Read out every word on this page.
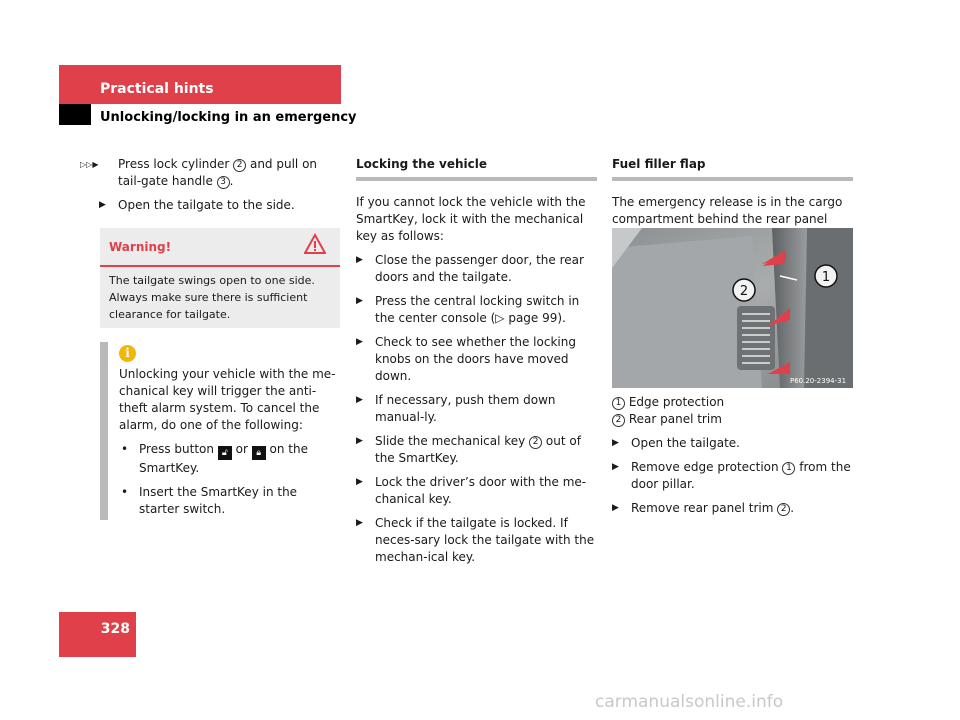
Practical hints
Unlocking/locking in an emergency

▷▷▶ Press lock cylinder 2 and pull on tail-gate handle 3 .

▶ Open the tailgate to the side.

Warning!
The tailgate swings open to one side. Always make sure there is sufficient clearance for tailgate.
i

Unlocking your vehicle with the me-chanical key will trigger the anti-theft alarm system. To cancel the alarm, do one of the following:

• Press button 🔓︎ or 🔒︎ on the SmartKey.

• Insert the SmartKey in the starter switch.

Locking the vehicle

If you cannot lock the vehicle with the SmartKey, lock it with the mechanical key as follows:

▶ Close the passenger door, the rear doors and the tailgate.

▶ Press the central locking switch in the center console (▷ page 99).

▶ Check to see whether the locking knobs on the doors have moved down.

▶ If necessary, push them down manual-ly.

▶ Slide the mechanical key 2 out of the SmartKey.

▶ Lock the driver’s door with the me-chanical key.

▶ Check if the tailgate is locked. If neces-sary lock the tailgate with the mechan-ical key.

Fuel filler flap

The emergency release is in the cargo compartment behind the rear panel

1
2
P60.20-2394-31

1 Edge protection

2 Rear panel trim

▶ Open the tailgate.

▶ Remove edge protection 1 from the door pillar.

▶ Remove rear panel trim 2 .

328
carmanualsonline.info
